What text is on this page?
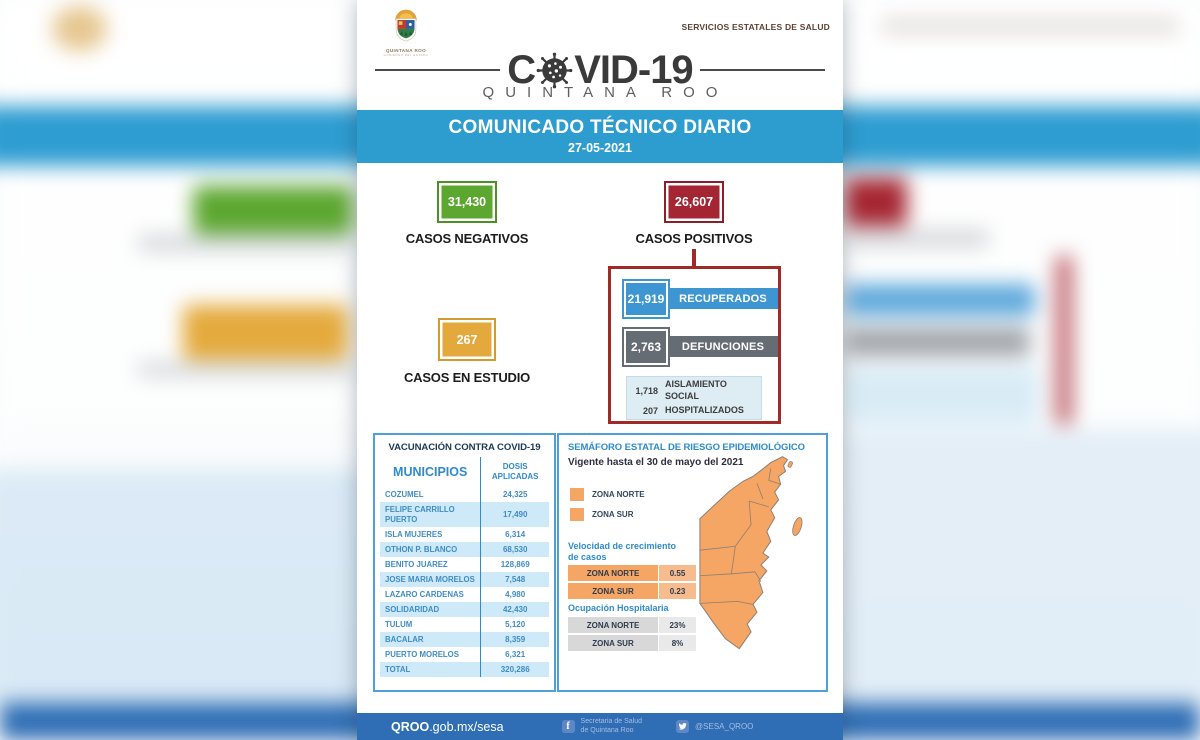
QUINTANA ROO
GOBIERNO DEL ESTADO
SERVICIOS ESTATALES DE SALUD
C VID-19
QUINTANA ROO
COMUNICADO TÉCNICO DIARIO
27-05-2021
31,430
CASOS NEGATIVOS
26,607
CASOS POSITIVOS
267
CASOS EN ESTUDIO
RECUPERADOS
21,919
DEFUNCIONES
2,763
1,718
AISLAMIENTO SOCIAL
207 HOSPITALIZADOS
VACUNACIÓN CONTRA COVID-19
MUNICIPIOS	DOSIS APLICADAS
COZUMEL	24,325
FELIPE CARRILLO PUERTO	17,490
ISLA MUJERES	6,314
OTHON P. BLANCO	68,530
BENITO JUAREZ	128,869
JOSE MARIA MORELOS	7,548
LAZARO CARDENAS	4,980
SOLIDARIDAD	42,430
TULUM	5,120
BACALAR	8,359
PUERTO MORELOS	6,321
TOTAL	320,286
SEMÁFORO ESTATAL DE RIESGO EPIDEMIOLÓGICO
Vigente hasta el 30 de mayo del 2021
ZONA NORTE
ZONA SUR
Velocidad de crecimiento de casos
ZONA NORTE	0.55
ZONA SUR	0.23
Ocupación Hospitalaria
ZONA NORTE	23%
ZONA SUR	8%
QROO.gob.mx/sesa	f	Secretaria de Salud
de Quintana Roo	@SESA_QROO
